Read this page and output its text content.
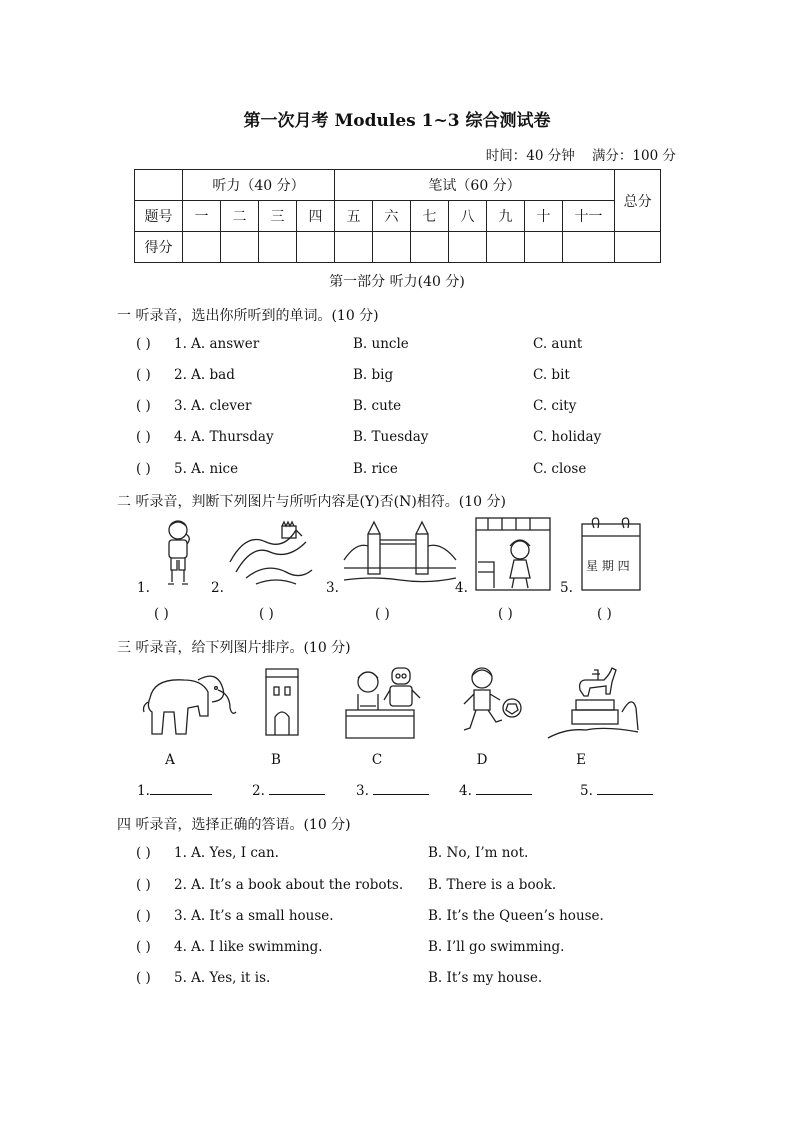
第一次月考 Modules 1~3 综合测试卷
时间：40 分钟 满分：100 分
	听力（40 分）				笔试（60 分）							总分
题号	一	二	三	四	五	六	七	八	九	十	十一	
得分												
第一部分 听力(40 分)
一 听录音，选出你所听到的单词。(10 分)
( ) 1. A. answer	B. uncle	C. aunt
( ) 2. A. bad	B. big	C. bit
( ) 3. A. clever	B. cute	C. city
( ) 4. A. Thursday	B. Tuesday	C. holiday
( ) 5. A. nice	B. rice	C. close
二 听录音，判断下列图片与所听内容是(Y)否(N)相符。(10 分)
星 期 四
1.	2.	3.	4.	5.
( )	( )	( )	( )	( )
三 听录音，给下列图片排序。(10 分)
A	B	C	D	E
1.	2.	3.	4.	5.
四 听录音，选择正确的答语。(10 分)
( ) 1. A. Yes, I can.	B. No, I’m not.
( ) 2. A. It’s a book about the robots. B. There is a book.
( ) 3. A. It’s a small house.	B. It’s the Queen’s house.
( ) 4. A. I like swimming.	B. I’ll go swimming.
( ) 5. A. Yes, it is.	B. It’s my house.
